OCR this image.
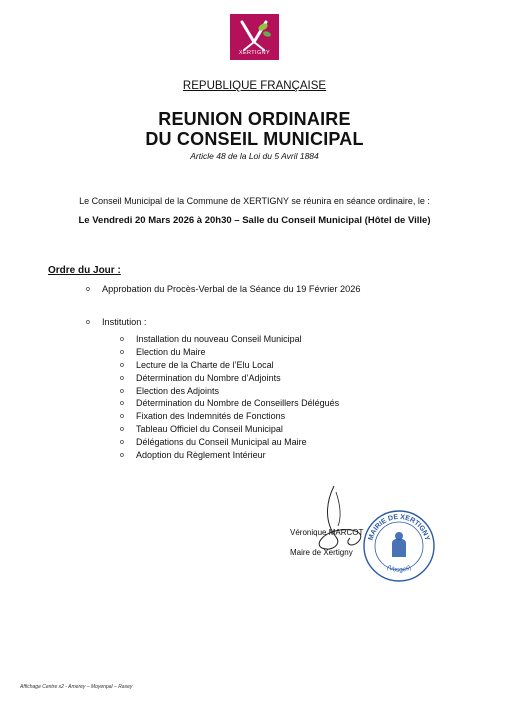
XERTIGNY
REPUBLIQUE FRANÇAISE
REUNION ORDINAIRE
DU CONSEIL MUNICIPAL
Article 48 de la Loi du 5 Avril 1884
Le Conseil Municipal de la Commune de XERTIGNY se réunira en séance ordinaire, le :
Le Vendredi 20 Mars 2026 à 20h30 – Salle du Conseil Municipal (Hôtel de Ville)
Ordre du Jour :
o Approbation du Procès-Verbal de la Séance du 19 Février 2026
o Institution :
o Installation du nouveau Conseil Municipal
o Election du Maire
o Lecture de la Charte de l’Elu Local
o Détermination du Nombre d’Adjoints
o Election des Adjoints
o Détermination du Nombre de Conseillers Délégués
o Fixation des Indemnités de Fonctions
o Tableau Officiel du Conseil Municipal
o Délégations du Conseil Municipal au Maire
o Adoption du Règlement Intérieur
Véronique MARCOT
Maire de Xertigny
MAIRIE DE XERTIGNY
(Vosges)
Affichage Centre x2 - Amerey – Moyenpal – Rasey
